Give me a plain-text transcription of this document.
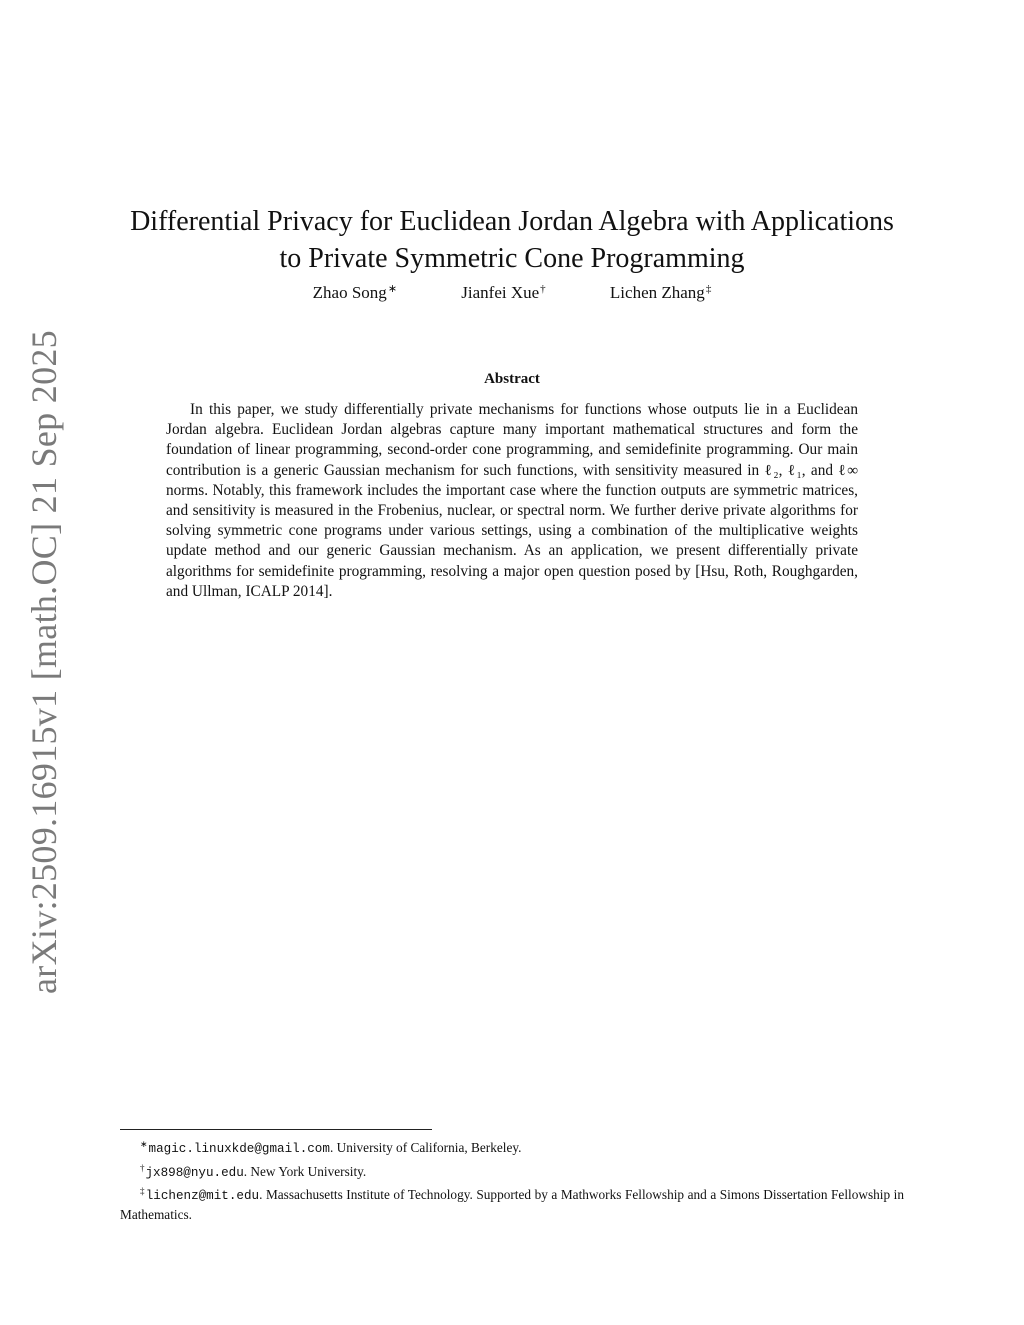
arXiv:2509.16915v1 [math.OC] 21 Sep 2025
Differential Privacy for Euclidean Jordan Algebra with Applications
to Private Symmetric Cone Programming
Zhao Song∗	Jianfei Xue†	Lichen Zhang‡
Abstract

In this paper, we study differentially private mechanisms for functions whose outputs lie in a Euclidean Jordan algebra. Euclidean Jordan algebras capture many important mathematical structures and form the foundation of linear programming, second-order cone programming, and semidefinite programming. Our main contribution is a generic Gaussian mechanism for such functions, with sensitivity measured in ℓ₂, ℓ₁, and ℓ∞ norms. Notably, this framework includes the important case where the function outputs are symmetric matrices, and sensitivity is measured in the Frobenius, nuclear, or spectral norm. We further derive private algorithms for solving symmetric cone programs under various settings, using a combination of the multiplicative weights update method and our generic Gaussian mechanism. As an application, we present differentially private algorithms for semidefinite programming, resolving a major open question posed by [Hsu, Roth, Roughgarden, and Ullman, ICALP 2014].

∗magic.linuxkde@gmail.com. University of California, Berkeley.

†jx898@nyu.edu. New York University.

‡lichenz@mit.edu. Massachusetts Institute of Technology. Supported by a Mathworks Fellowship and a Simons Dissertation Fellowship in Mathematics.
